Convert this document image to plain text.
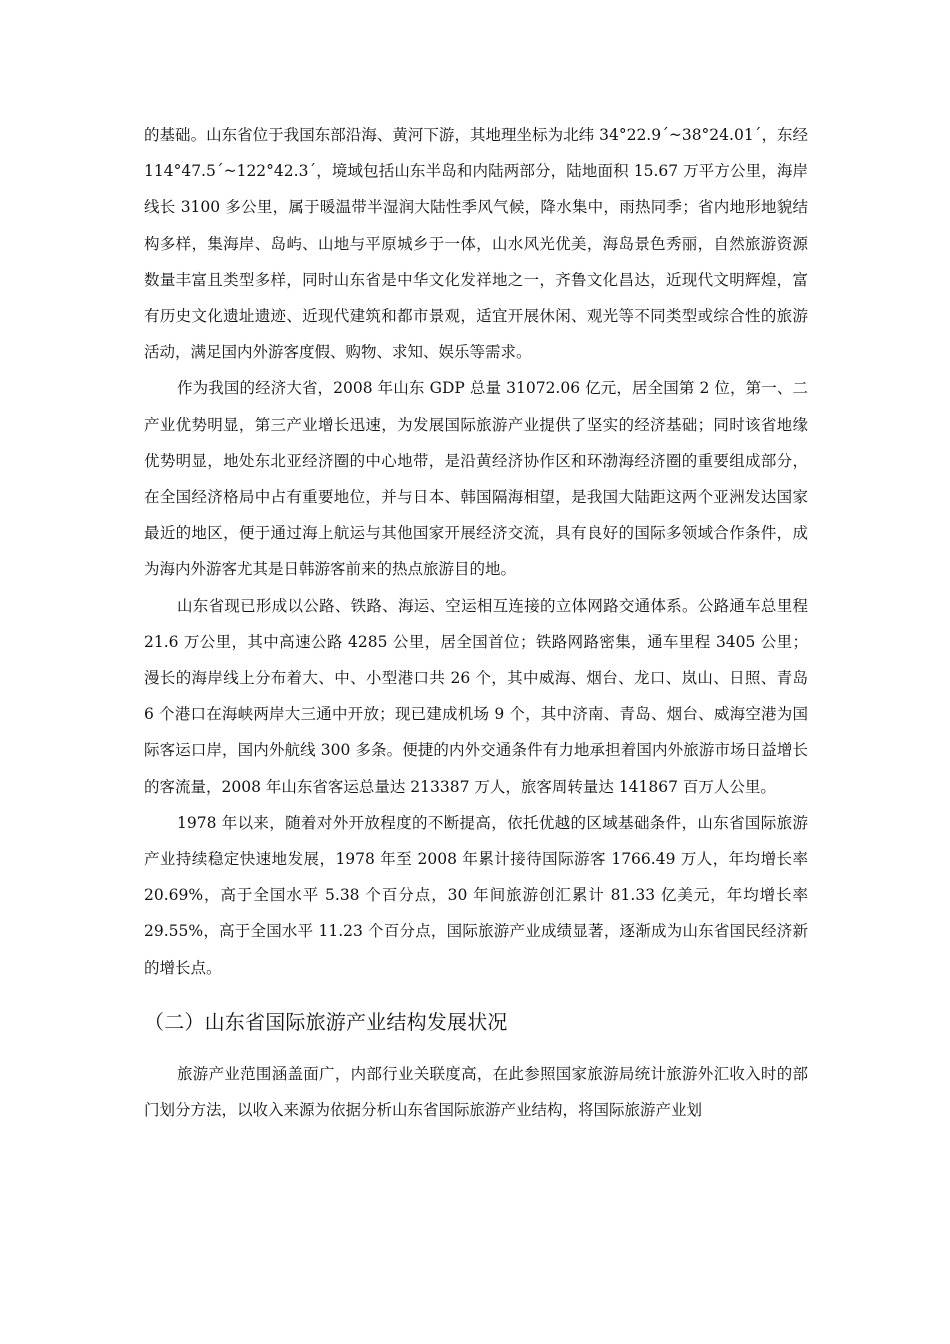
的基础。山东省位于我国东部沿海、黄河下游，其地理坐标为北纬 34°22.9´~38°24.01´，东经 114°47.5´~122°42.3´，境域包括山东半岛和内陆两部分，陆地面积 15.67 万平方公里，海岸线长 3100 多公里，属于暖温带半湿润大陆性季风气候，降水集中，雨热同季；省内地形地貌结构多样，集海岸、岛屿、山地与平原城乡于一体，山水风光优美，海岛景色秀丽，自然旅游资源数量丰富且类型多样，同时山东省是中华文化发祥地之一，齐鲁文化昌达，近现代文明辉煌，富有历史文化遗址遗迹、近现代建筑和都市景观，适宜开展休闲、观光等不同类型或综合性的旅游活动，满足国内外游客度假、购物、求知、娱乐等需求。

作为我国的经济大省，2008 年山东 GDP 总量 31072.06 亿元，居全国第 2 位，第一、二产业优势明显，第三产业增长迅速，为发展国际旅游产业提供了坚实的经济基础；同时该省地缘优势明显，地处东北亚经济圈的中心地带，是沿黄经济协作区和环渤海经济圈的重要组成部分，在全国经济格局中占有重要地位，并与日本、韩国隔海相望，是我国大陆距这两个亚洲发达国家最近的地区，便于通过海上航运与其他国家开展经济交流，具有良好的国际多领域合作条件，成为海内外游客尤其是日韩游客前来的热点旅游目的地。

山东省现已形成以公路、铁路、海运、空运相互连接的立体网路交通体系。公路通车总里程 21.6 万公里，其中高速公路 4285 公里，居全国首位；铁路网路密集，通车里程 3405 公里；漫长的海岸线上分布着大、中、小型港口共 26 个，其中威海、烟台、龙口、岚山、日照、青岛 6 个港口在海峡两岸大三通中开放；现已建成机场 9 个，其中济南、青岛、烟台、威海空港为国际客运口岸，国内外航线 300 多条。便捷的内外交通条件有力地承担着国内外旅游市场日益增长的客流量，2008 年山东省客运总量达 213387 万人，旅客周转量达 141867 百万人公里。

1978 年以来，随着对外开放程度的不断提高，依托优越的区域基础条件，山东省国际旅游产业持续稳定快速地发展，1978 年至 2008 年累计接待国际游客 1766.49 万人，年均增长率 20.69%，高于全国水平 5.38 个百分点，30 年间旅游创汇累计 81.33 亿美元，年均增长率 29.55%，高于全国水平 11.23 个百分点，国际旅游产业成绩显著，逐渐成为山东省国民经济新的增长点。

（二）山东省国际旅游产业结构发展状况

旅游产业范围涵盖面广，内部行业关联度高，在此参照国家旅游局统计旅游外汇收入时的部门划分方法，以收入来源为依据分析山东省国际旅游产业结构，将国际旅游产业划
